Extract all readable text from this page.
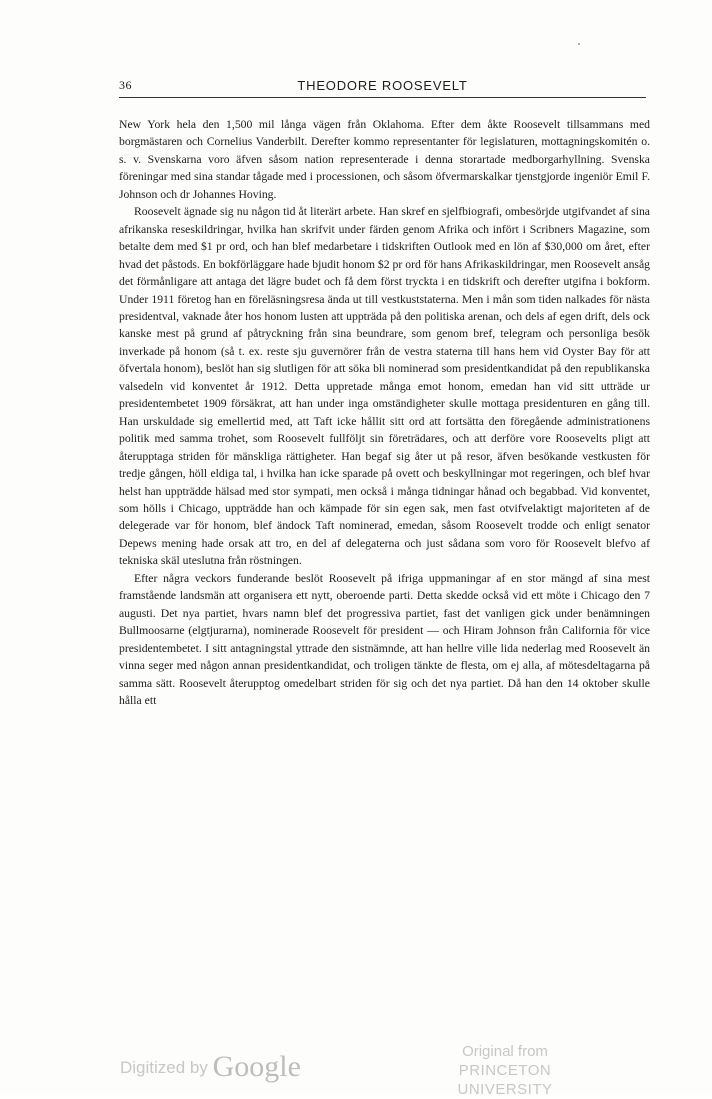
36	THEODORE ROOSEVELT

New York hela den 1,500 mil långa vägen från Oklahoma. Efter dem åkte Roosevelt tillsammans med borgmästaren och Cornelius Vanderbilt. Derefter kommo representanter för legislaturen, mottagningskomitén o. s. v. Svenskarna voro äfven såsom nation representerade i denna storartade medborgarhyllning. Svenska föreningar med sina standar tågade med i processionen, och såsom öfvermarskalkar tjenstgjorde ingeniör Emil F. Johnson och dr Johannes Hoving.

Roosevelt ägnade sig nu någon tid åt literärt arbete. Han skref en sjelfbiografi, ombesörjde utgifvandet af sina afrikanska reseskildringar, hvilka han skrifvit under färden genom Afrika och infört i Scribners Magazine, som betalte dem med $1 pr ord, och han blef medarbetare i tidskriften Outlook med en lön af $30,000 om året, efter hvad det påstods. En bokförläggare hade bjudit honom $2 pr ord för hans Afrikaskildringar, men Roosevelt ansåg det förmånligare att antaga det lägre budet och få dem först tryckta i en tidskrift och derefter utgifna i bokform. Under 1911 företog han en föreläsningsresa ända ut till vestkuststaterna. Men i mån som tiden nalkades för nästa presidentval, vaknade åter hos honom lusten att uppträda på den politiska arenan, och dels af egen drift, dels ock kanske mest på grund af påtryckning från sina beundrare, som genom bref, telegram och personliga besök inverkade på honom (så t. ex. reste sju guvernörer från de vestra staterna till hans hem vid Oyster Bay för att öfvertala honom), beslöt han sig slutligen för att söka bli nominerad som presidentkandidat på den republikanska valsedeln vid konventet år 1912. Detta uppretade många emot honom, emedan han vid sitt utträde ur presidentembetet 1909 försäkrat, att han under inga omständigheter skulle mottaga presidenturen en gång till. Han urskuldade sig emellertid med, att Taft icke hållit sitt ord att fortsätta den föregående administrationens politik med samma trohet, som Roosevelt fullföljt sin företrädares, och att derföre vore Roosevelts pligt att återupptaga striden för mänskliga rättigheter. Han begaf sig åter ut på resor, äfven besökande vestkusten för tredje gången, höll eldiga tal, i hvilka han icke sparade på ovett och beskyllningar mot regeringen, och blef hvar helst han uppträdde hälsad med stor sympati, men också i många tidningar hånad och begabbad. Vid konventet, som hölls i Chicago, uppträdde han och kämpade för sin egen sak, men fast otvifvelaktigt majoriteten af de delegerade var för honom, blef ändock Taft nominerad, emedan, såsom Roosevelt trodde och enligt senator Depews mening hade orsak att tro, en del af delegaterna och just sådana som voro för Roosevelt blefvo af tekniska skäl uteslutna från röstningen.

Efter några veckors funderande beslöt Roosevelt på ifriga uppmaningar af en stor mängd af sina mest framstående landsmän att organisera ett nytt, oberoende parti. Detta skedde också vid ett möte i Chicago den 7 augusti. Det nya partiet, hvars namn blef det progressiva partiet, fast det vanligen gick under benämningen Bullmoosarne (elgtjurarna), nominerade Roosevelt för president — och Hiram Johnson från California för vice presidentembetet. I sitt antagningstal yttrade den sistnämnde, att han hellre ville lida nederlag med Roosevelt än vinna seger med någon annan presidentkandidat, och troligen tänkte de flesta, om ej alla, af mötesdeltagarna på samma sätt. Roosevelt återupptog omedelbart striden för sig och det nya partiet. Då han den 14 oktober skulle hålla ett

Digitized by Google	Original from
PRINCETON UNIVERSITY
